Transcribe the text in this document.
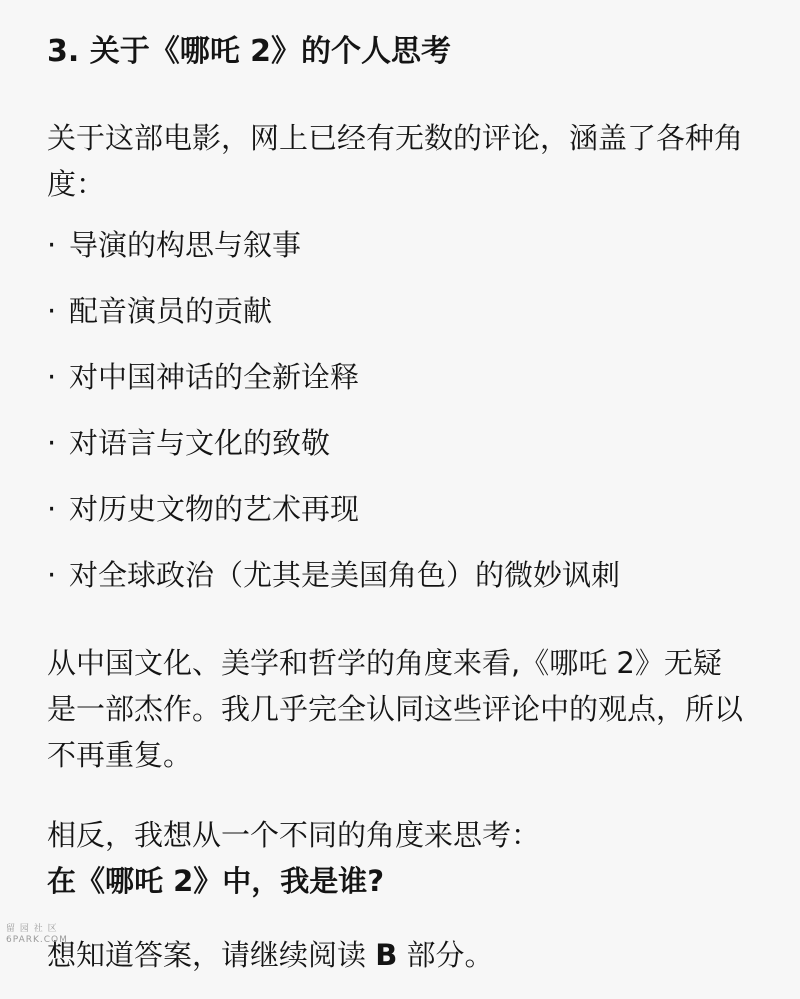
3. 关于《哪吒 2》的个人思考
关于这部电影，网上已经有无数的评论，涵盖了各种角度：
· 导演的构思与叙事
· 配音演员的贡献
· 对中国神话的全新诠释
· 对语言与文化的致敬
· 对历史文物的艺术再现
· 对全球政治（尤其是美国角色）的微妙讽刺
从中国文化、美学和哲学的角度来看,《哪吒 2》无疑是一部杰作。我几乎完全认同这些评论中的观点，所以不再重复。
相反，我想从一个不同的角度来思考：
在《哪吒 2》中，我是谁?
想知道答案，请继续阅读 B 部分。
留 园 社 区
6PARK.COM
